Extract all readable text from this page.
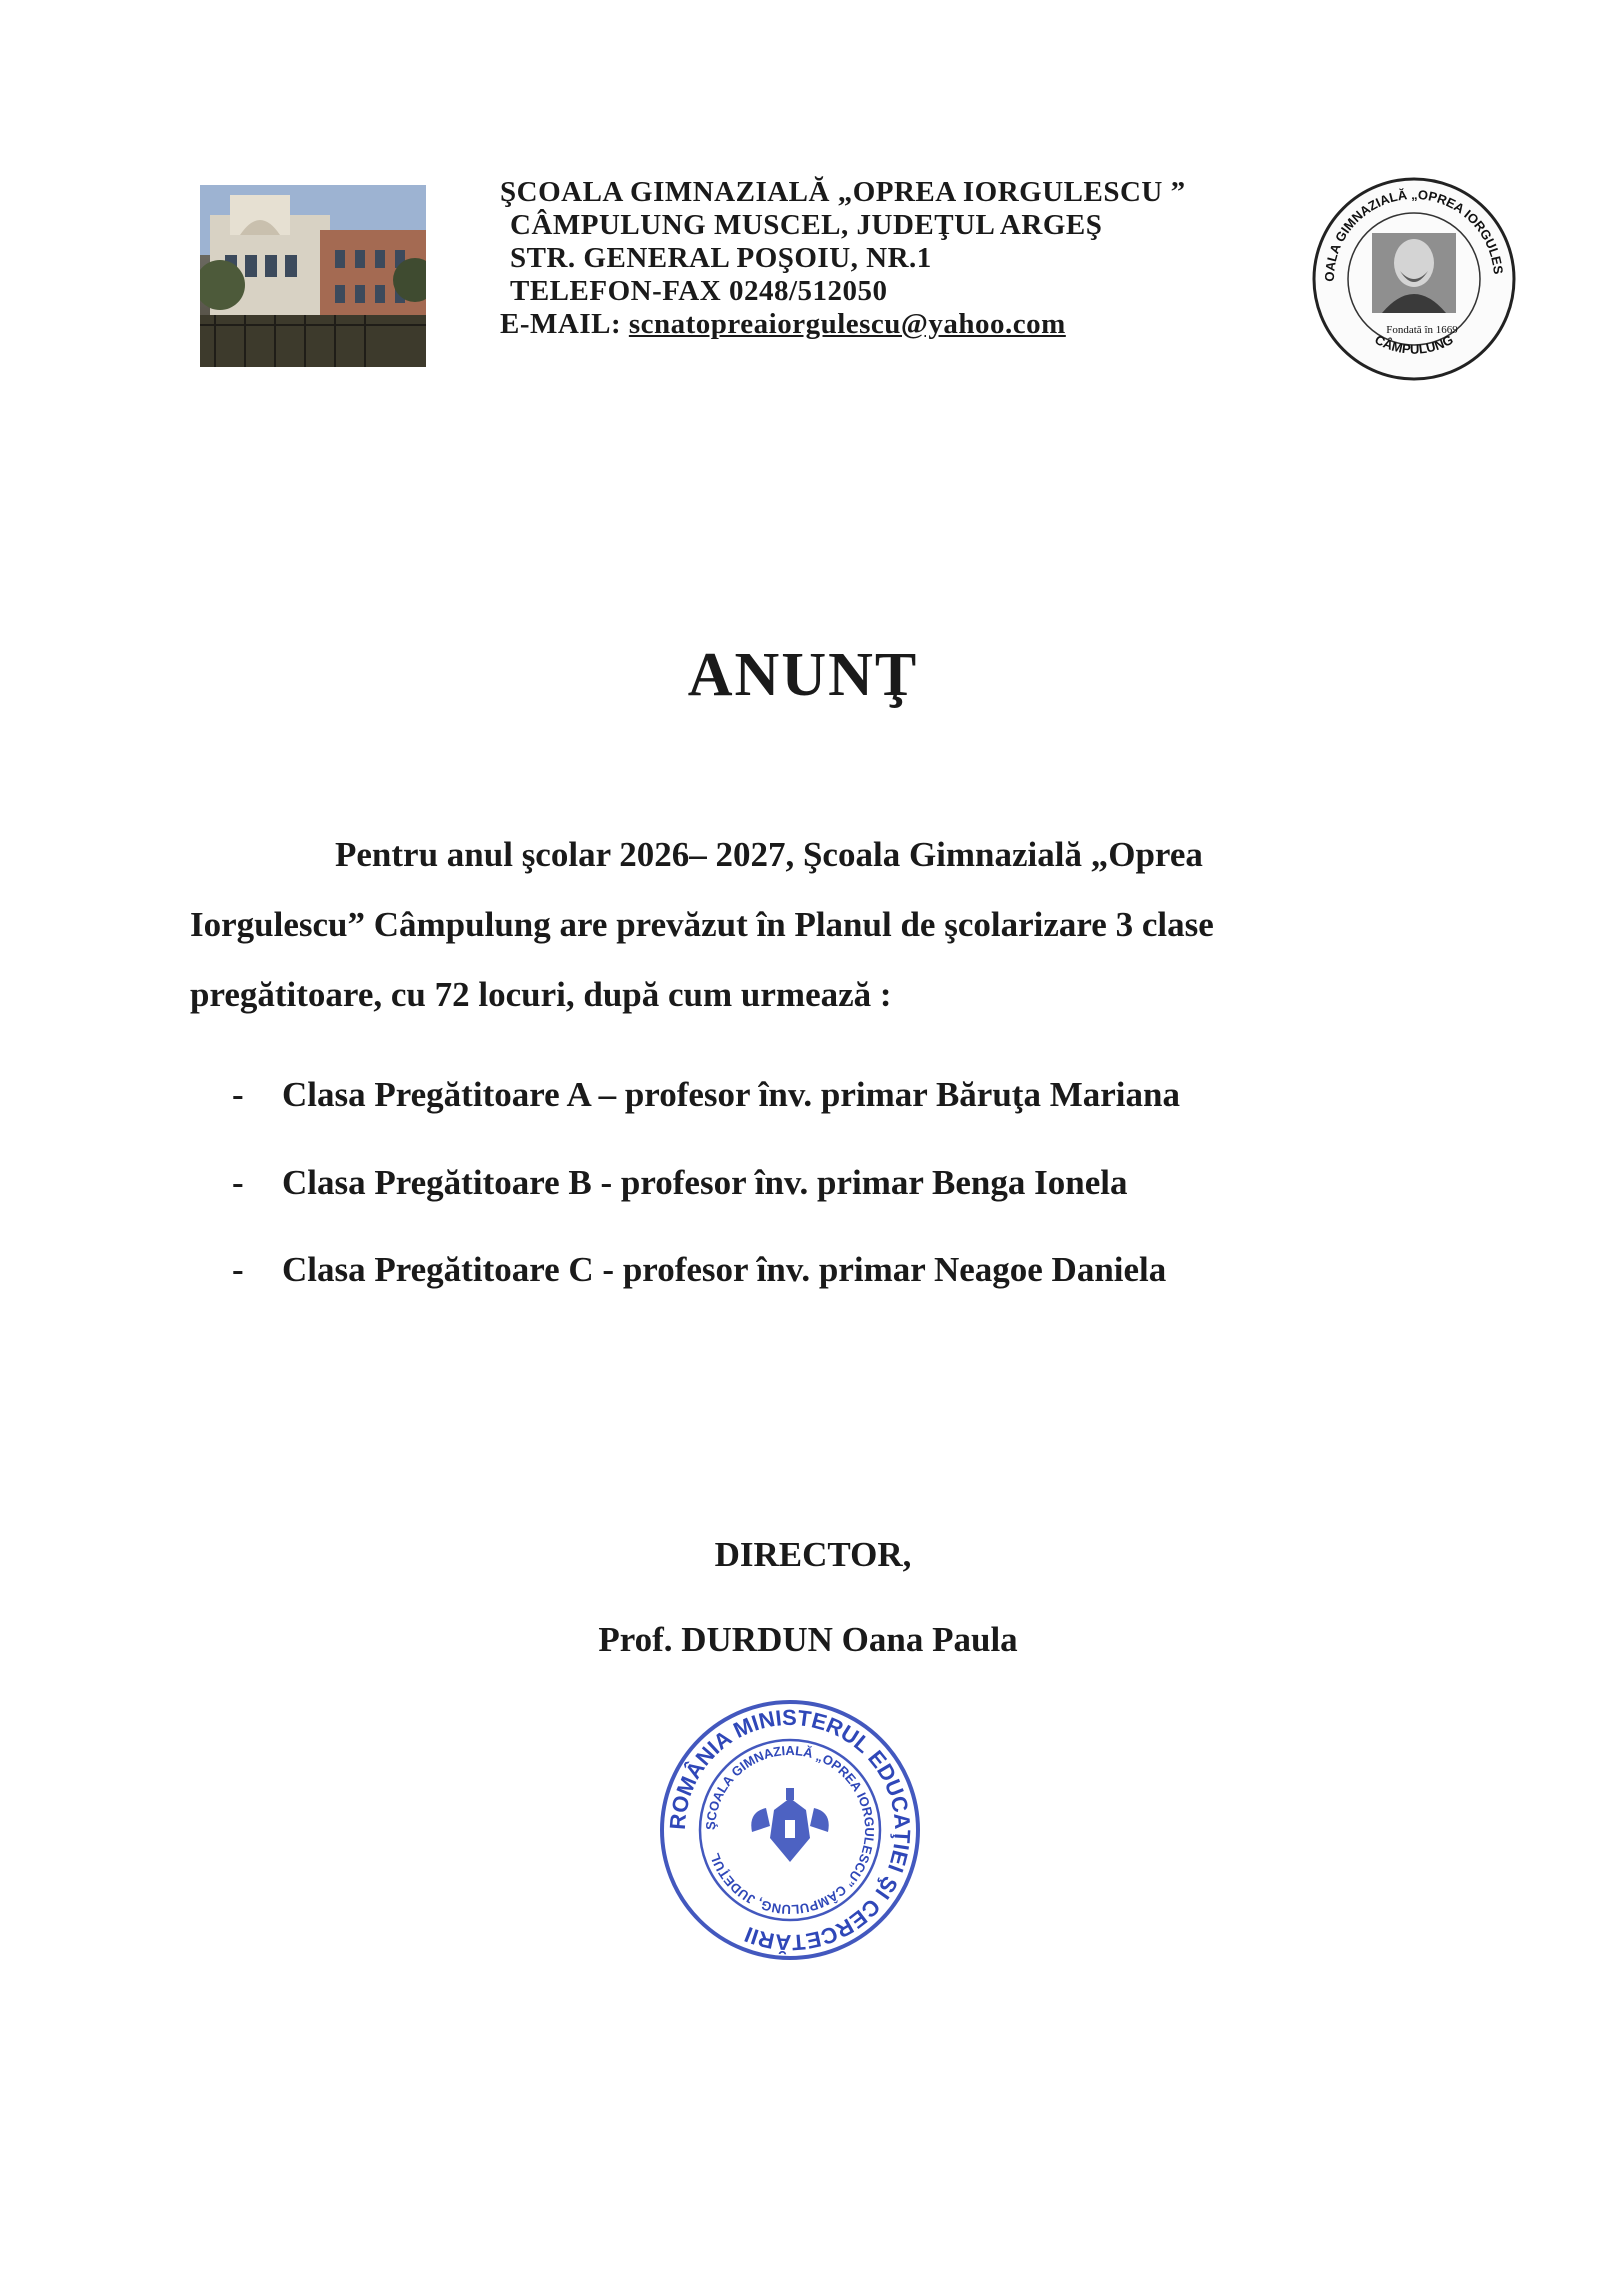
ŞCOALA GIMNAZIALĂ „OPREA IORGULESCU ”
CÂMPULUNG MUSCEL, JUDEŢUL ARGEŞ
STR. GENERAL POŞOIU, NR.1
TELEFON-FAX 0248/512050
E-MAIL: scnatopreaiorgulescu@yahoo.com
OALA GIMNAZIALĂ „OPREA IORGULES
CÂMPULUNG
Fondată în 1669
ANUNŢ
Pentru anul şcolar 2026– 2027, Şcoala Gimnazială „Oprea
Iorgulescu” Câmpulung are prevăzut în Planul de şcolarizare 3 clase
pregătitoare, cu 72 locuri, după cum urmează :
- Clasa Pregătitoare A – profesor înv. primar Băruţa Mariana
- Clasa Pregătitoare B - profesor înv. primar Benga Ionela
- Clasa Pregătitoare C - profesor înv. primar Neagoe Daniela
DIRECTOR,
Prof. DURDUN Oana Paula
ROMÂNIA MINISTERUL EDUCAŢIEI ŞI CERCETĂRII
ŞCOALA GIMNAZIALĂ „OPREA IORGULESCU” CÂMPULUNG, JUDEŢUL
